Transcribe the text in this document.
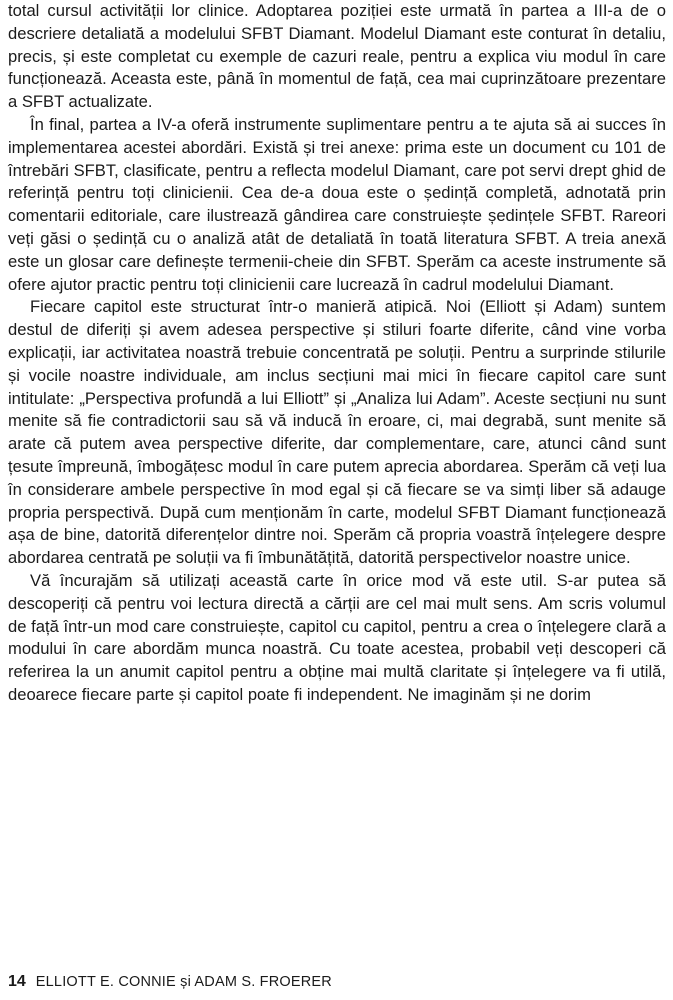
total cursul activității lor clinice. Adoptarea poziției este urmată în partea a III-a de o descriere detaliată a modelului SFBT Diamant. Modelul Diamant este conturat în detaliu, precis, și este completat cu exemple de cazuri reale, pentru a explica viu modul în care funcționează. Aceasta este, până în momentul de față, cea mai cuprinzătoare prezentare a SFBT actualizate.

În final, partea a IV-a oferă instrumente suplimentare pentru a te ajuta să ai succes în implementarea acestei abordări. Există și trei anexe: prima este un document cu 101 de întrebări SFBT, clasificate, pentru a reflecta modelul Diamant, care pot servi drept ghid de referință pentru toți clinicienii. Cea de-a doua este o ședință completă, adnotată prin comentarii editoriale, care ilustrează gândirea care construiește ședințele SFBT. Rareori veți găsi o ședință cu o analiză atât de detaliată în toată literatura SFBT. A treia anexă este un glosar care definește termenii-cheie din SFBT. Sperăm ca aceste instrumente să ofere ajutor practic pentru toți clinicienii care lucrează în cadrul modelului Diamant.

Fiecare capitol este structurat într-o manieră atipică. Noi (Elliott și Adam) suntem destul de diferiți și avem adesea perspective și stiluri foarte diferite, când vine vorba explicații, iar activitatea noastră trebuie concentrată pe soluții. Pentru a surprinde stilurile și vocile noastre individuale, am inclus secțiuni mai mici în fiecare capitol care sunt intitulate: „Perspectiva profundă a lui Elliott” și „Analiza lui Adam”. Aceste secțiuni nu sunt menite să fie contradictorii sau să vă inducă în eroare, ci, mai degrabă, sunt menite să arate că putem avea perspective diferite, dar complementare, care, atunci când sunt țesute împreună, îmbogățesc modul în care putem aprecia abordarea. Sperăm că veți lua în considerare ambele perspective în mod egal și că fiecare se va simți liber să adauge propria perspectivă. După cum menționăm în carte, modelul SFBT Diamant funcționează așa de bine, datorită diferențelor dintre noi. Sperăm că propria voastră înțelegere despre abordarea centrată pe soluții va fi îmbunătățită, datorită perspectivelor noastre unice.

Vă încurajăm să utilizați această carte în orice mod vă este util. S-ar putea să descoperiți că pentru voi lectura directă a cărții are cel mai mult sens. Am scris volumul de față într-un mod care construiește, capitol cu capitol, pentru a crea o înțelegere clară a modului în care abordăm munca noastră. Cu toate acestea, probabil veți descoperi că referirea la un anumit capitol pentru a obține mai multă claritate și înțelegere va fi utilă, deoarece fiecare parte și capitol poate fi independent. Ne imaginăm și ne dorim

14 ELLIOTT E. CONNIE și ADAM S. FROERER
